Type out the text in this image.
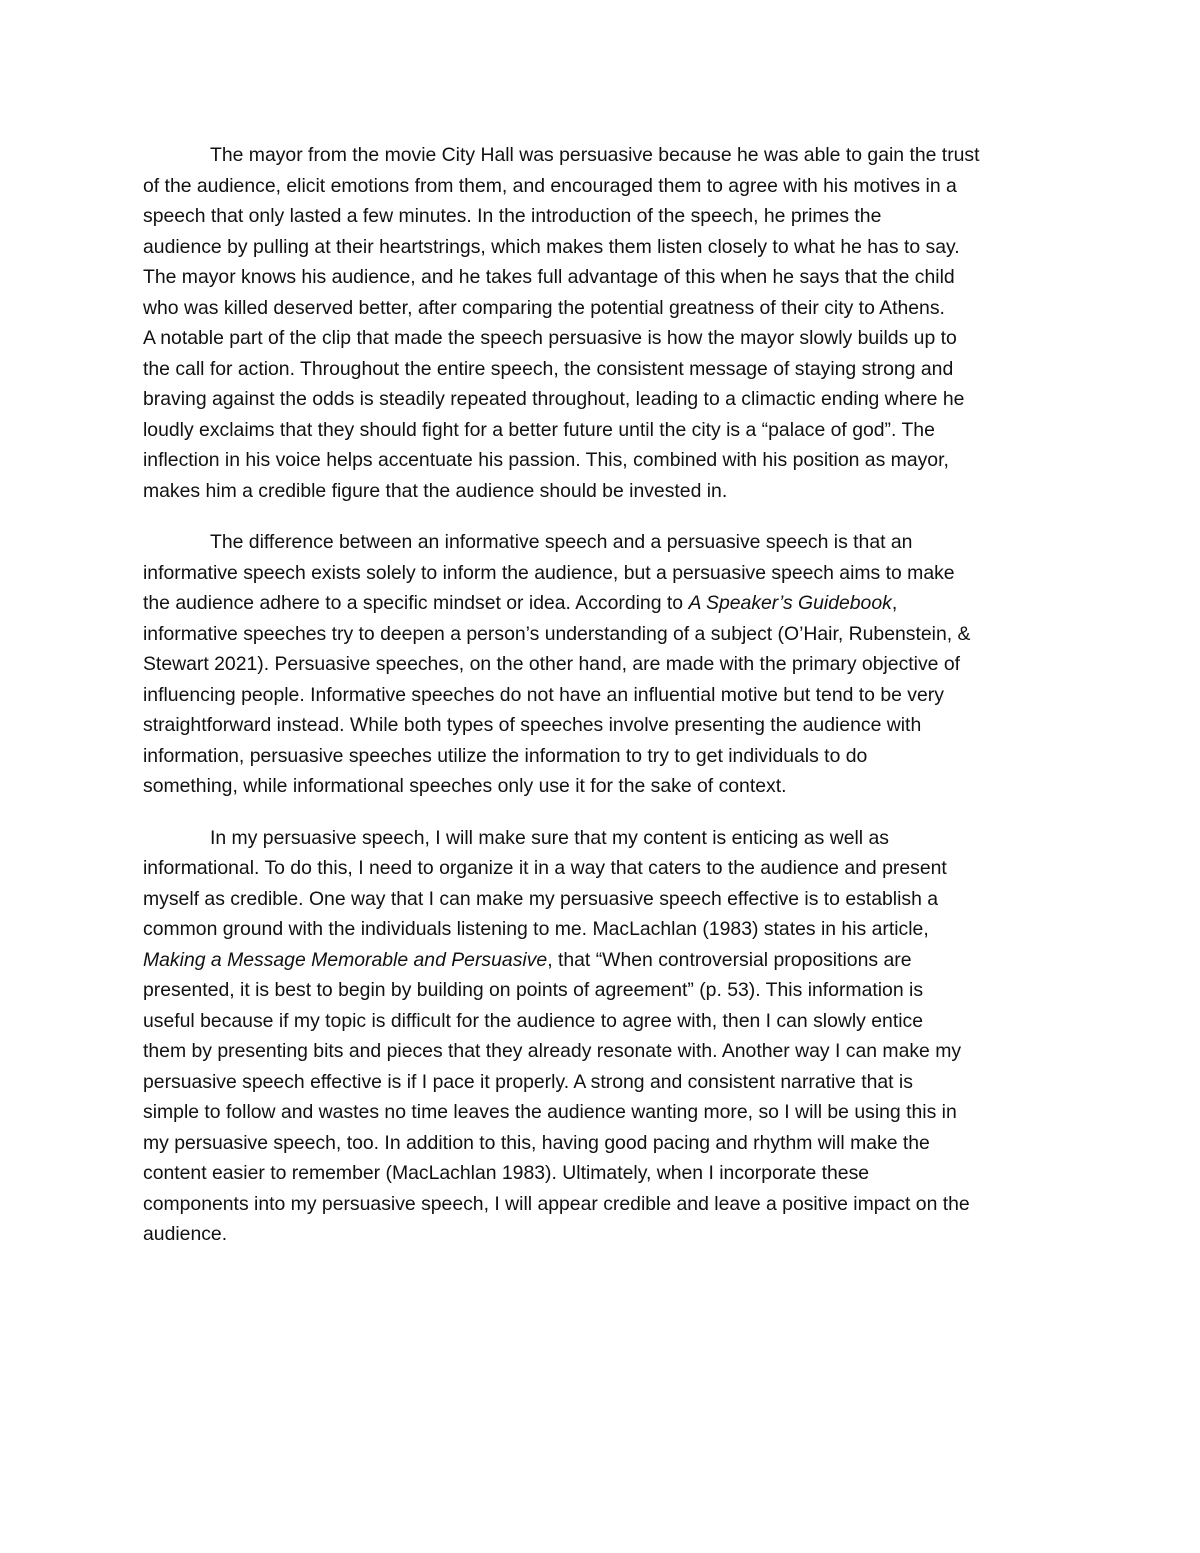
The mayor from the movie City Hall was persuasive because he was able to gain the trust
of the audience, elicit emotions from them, and encouraged them to agree with his motives in a
speech that only lasted a few minutes. In the introduction of the speech, he primes the
audience by pulling at their heartstrings, which makes them listen closely to what he has to say.
The mayor knows his audience, and he takes full advantage of this when he says that the child
who was killed deserved better, after comparing the potential greatness of their city to Athens.
A notable part of the clip that made the speech persuasive is how the mayor slowly builds up to
the call for action. Throughout the entire speech, the consistent message of staying strong and
braving against the odds is steadily repeated throughout, leading to a climactic ending where he
loudly exclaims that they should fight for a better future until the city is a “palace of god”. The
inflection in his voice helps accentuate his passion. This, combined with his position as mayor,
makes him a credible figure that the audience should be invested in.
The difference between an informative speech and a persuasive speech is that an
informative speech exists solely to inform the audience, but a persuasive speech aims to make
the audience adhere to a specific mindset or idea. According to A Speaker’s Guidebook,
informative speeches try to deepen a person’s understanding of a subject (O’Hair, Rubenstein, &
Stewart 2021). Persuasive speeches, on the other hand, are made with the primary objective of
influencing people. Informative speeches do not have an influential motive but tend to be very
straightforward instead. While both types of speeches involve presenting the audience with
information, persuasive speeches utilize the information to try to get individuals to do
something, while informational speeches only use it for the sake of context.
In my persuasive speech, I will make sure that my content is enticing as well as
informational. To do this, I need to organize it in a way that caters to the audience and present
myself as credible. One way that I can make my persuasive speech effective is to establish a
common ground with the individuals listening to me. MacLachlan (1983) states in his article,
Making a Message Memorable and Persuasive, that “When controversial propositions are
presented, it is best to begin by building on points of agreement” (p. 53). This information is
useful because if my topic is difficult for the audience to agree with, then I can slowly entice
them by presenting bits and pieces that they already resonate with. Another way I can make my
persuasive speech effective is if I pace it properly. A strong and consistent narrative that is
simple to follow and wastes no time leaves the audience wanting more, so I will be using this in
my persuasive speech, too. In addition to this, having good pacing and rhythm will make the
content easier to remember (MacLachlan 1983). Ultimately, when I incorporate these
components into my persuasive speech, I will appear credible and leave a positive impact on the
audience.
